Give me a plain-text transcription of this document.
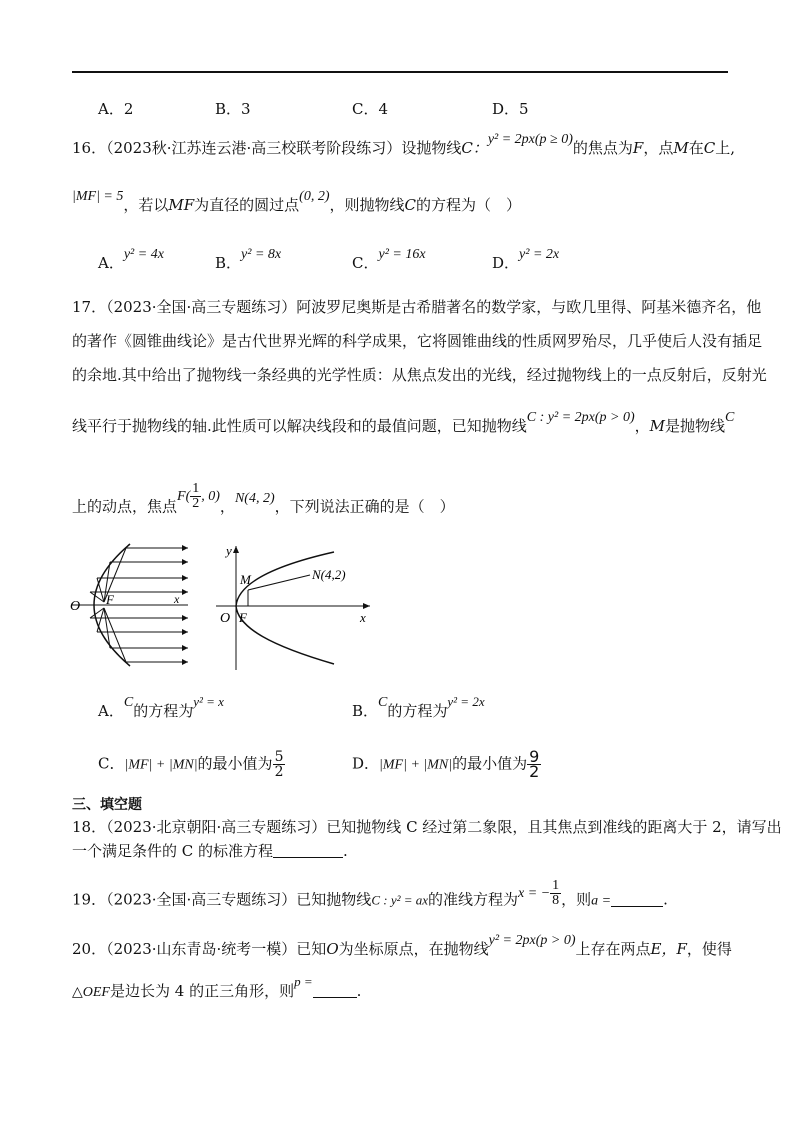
A．2	B．3	C．4	D．5
16．（2023秋·江苏连云港·高三校联考阶段练习）设抛物线C：y² = 2px(p ≥ 0)的焦点为F，点M在C上,
|MF| = 5，若以MF为直径的圆过点(0, 2)，则抛物线C的方程为（　）
A．y² = 4x	B．y² = 8x	C．y² = 16x	D．y² = 2x
17．（2023·全国·高三专题练习）阿波罗尼奥斯是古希腊著名的数学家，与欧几里得、阿基米德齐名，他
的著作《圆锥曲线论》是古代世界光辉的科学成果，它将圆锥曲线的性质网罗殆尽，几乎使后人没有插足
的余地.其中给出了抛物线一条经典的光学性质：从焦点发出的光线，经过抛物线上的一点反射后，反射光
线平行于抛物线的轴.此性质可以解决线段和的最值问题，已知抛物线C : y² = 2px(p > 0)，M是抛物线C
上的动点，焦点$F( \frac{1}{2}$ , 0)，N(4, 2)，下列说法正确的是（　）
O F	x
y
O F	x
M	N(4,2)
A．C的方程为y² = x
B．C的方程为y² = 2x
C．|MF| + |MN|的最小值为 $\frac{5}{2}$	D．|MF| + |MN|的最小值为 $\frac{9}{2}$
三、填空题
18．（2023·北京朝阳·高三专题练习）已知抛物线 C 经过第二象限，且其焦点到准线的距离大于 2，请写出
一个满足条件的 C 的标准方程	.
19．（2023·全国·高三专题练习）已知抛物线C : y² = ax的准线方程为x = − $\frac{1}{8}$ ，则a =	.
20．（2023·山东青岛·统考一模）已知O为坐标原点，在抛物线y² = 2px(p > 0)上存在两点E，F，使得
△OEF是边长为 4 的正三角形，则p =.
